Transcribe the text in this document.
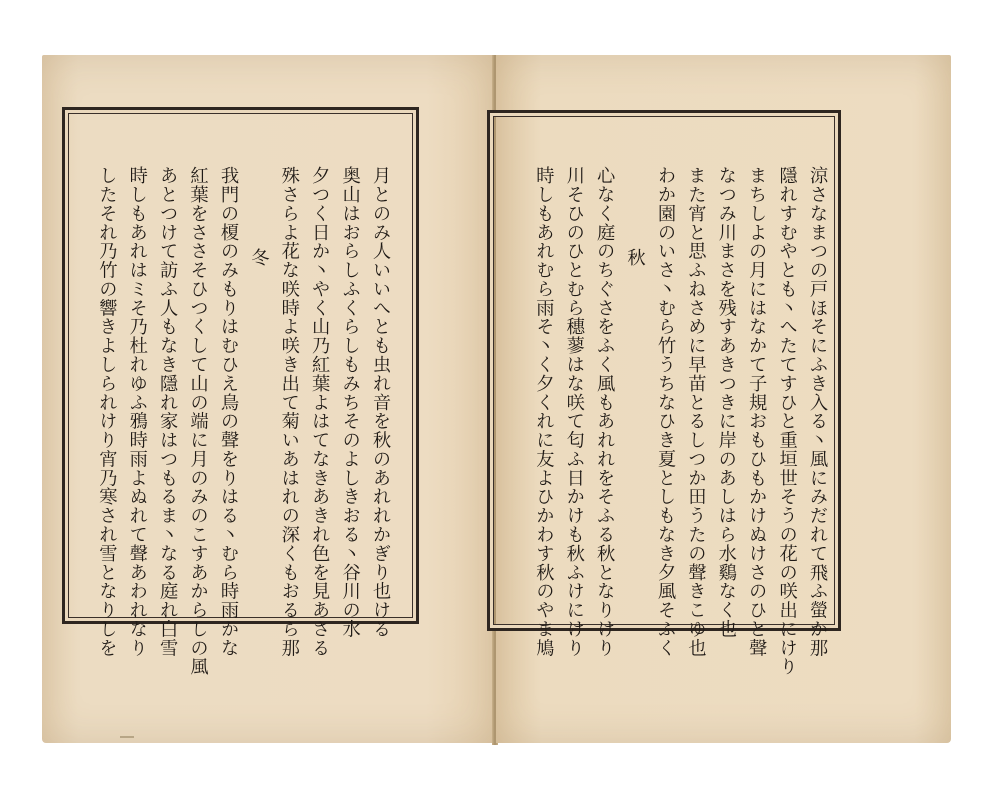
涼さなまつの戸ほそにふき入る丶風にみだれて飛ふ螢か那
隱れすむやとも丶へたてすひと重垣世そうの花の咲出にけり
まちしよの月にはなかて子規おもひもかけぬけさのひと聲
なつみ川まさを残すあきつきに岸のあしはら水鷄なく也
また宵と思ふねさめに早苗とるしつか田うたの聲きこゆ也
わか園のいさ丶むら竹うちなひき夏としもなき夕風そふく
秋
心なく庭のちぐさをふく風もあれれをそふる秋となりけり
川そひのひとむら穗蓼はな咲て匂ふ日かけも秋ふけにけり
時しもあれむら雨そ丶く夕くれに友よひかわす秋のやま鳩
月とのみ人いいへとも虫れ音を秋のあれれかぎり也ける
奥山はおらしふくらしもみちそのよしきおる丶谷川の水
夕つく日か丶やく山乃紅葉よはてなきあきれ色を見あさる
殊さらよ花な咲時よ咲き出て菊いあはれの深くもおるら那
冬
我門の榎のみもりはむひえ鳥の聲をりはる丶むら時雨かな
紅葉をささそひつくして山の端に月のみのこすあからしの風
あとつけて訪ふ人もなき隱れ家はつもるま丶なる庭れ白雪
時しもあれはミそ乃杜れゆふ鴉時雨よぬれて聲あわれなり
したそれ乃竹の響きよしられけり宵乃寒され雪となりしを
